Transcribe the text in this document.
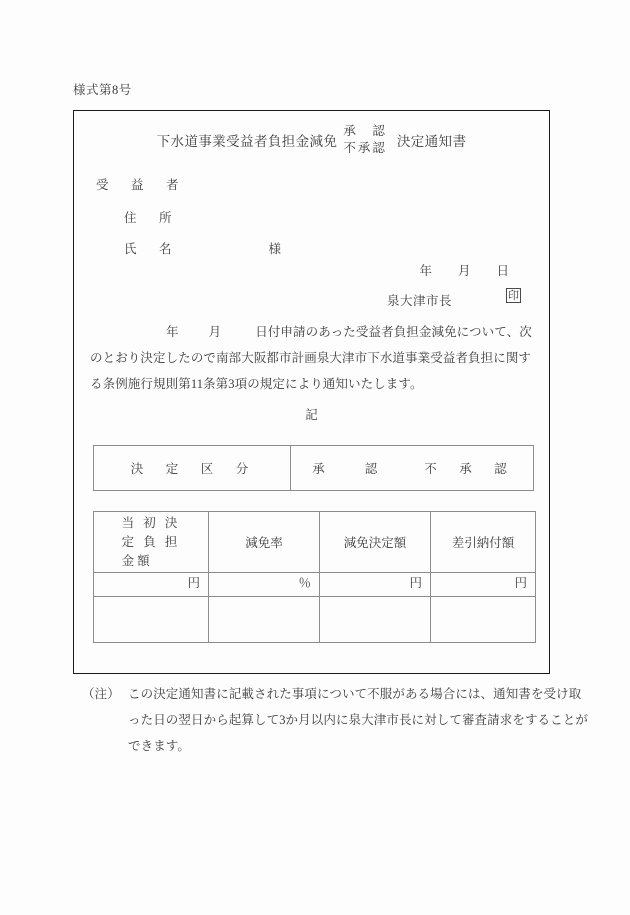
様式第8号
下水道事業受益者負担金減免
承　認
不承認 決定通知書
受　益　者
住　所
氏　名	様
年 月 日
泉大津市長	印
年 月	日付申請のあった受益者負担金減免について、次のとおり決定したので南部大阪都市計画泉大津市下水道事業受益者負担に関する条例施行規則第11条第3項の規定により通知いたします。
記
決　定　区　分	承　　認	不　承　認
当 初 決
定 負 担
金額	減免率	減免決定額	差引納付額
円	％	円	円

（注） この決定通知書に記載された事項について不服がある場合には、通知書を受け取
った日の翌日から起算して3か月以内に泉大津市長に対して審査請求をすることが
できます。
